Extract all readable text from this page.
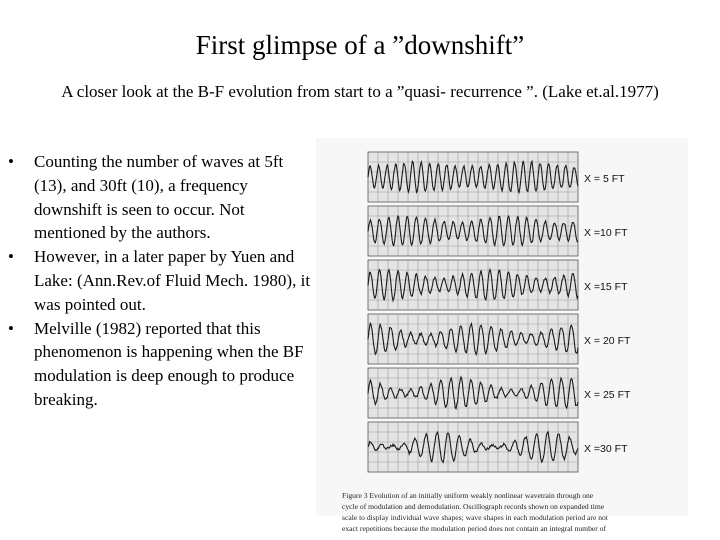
First glimpse of a ”downshift”
A closer look at the B-F evolution from start to a ”quasi- recurrence ”. (Lake et.al.1977)
• Counting the number of waves at 5ft (13), and 30ft (10), a frequency downshift is seen to occur. Not mentioned by the authors.
• However, in a later paper by Yuen and Lake: (Ann.Rev.of Fluid Mech. 1980), it was pointed out.
• Melville (1982) reported that this phenomenon is happening when the BF modulation is deep enough to produce breaking.
X = 5 FT
X =10 FT
X =15 FT
X = 20 FT
X = 25 FT
X =30 FT
Figure 3 Evolution of an initially uniform weakly nonlinear wavetrain through one
cycle of modulation and demodulation. Oscillograph records shown on expanded time
scale to display individual wave shapes; wave shapes in each modulation period are not
exact repetitions because the modulation period does not contain an integral number of
